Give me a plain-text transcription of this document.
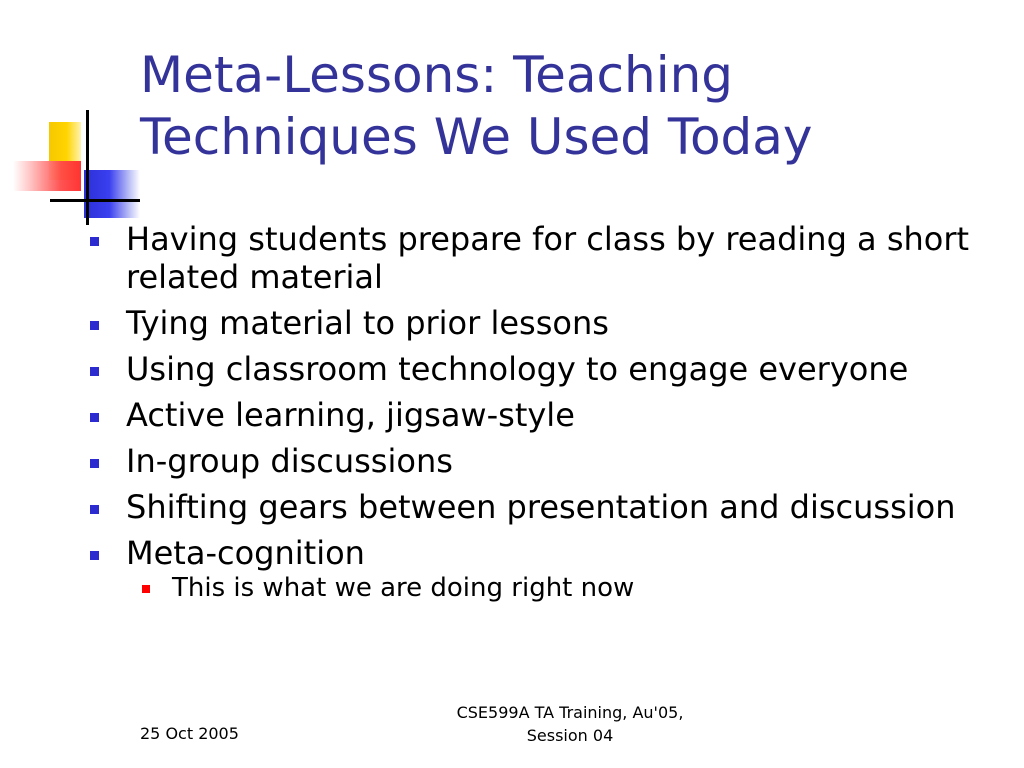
Meta-Lessons: Teaching
Techniques We Used Today
Having students prepare for class by reading a short related material
Tying material to prior lessons
Using classroom technology to engage everyone
Active learning, jigsaw-style
In-group discussions
Shifting gears between presentation and discussion
Meta-cognition
This is what we are doing right now
25 Oct 2005
CSE599A TA Training, Au'05,
Session 04
